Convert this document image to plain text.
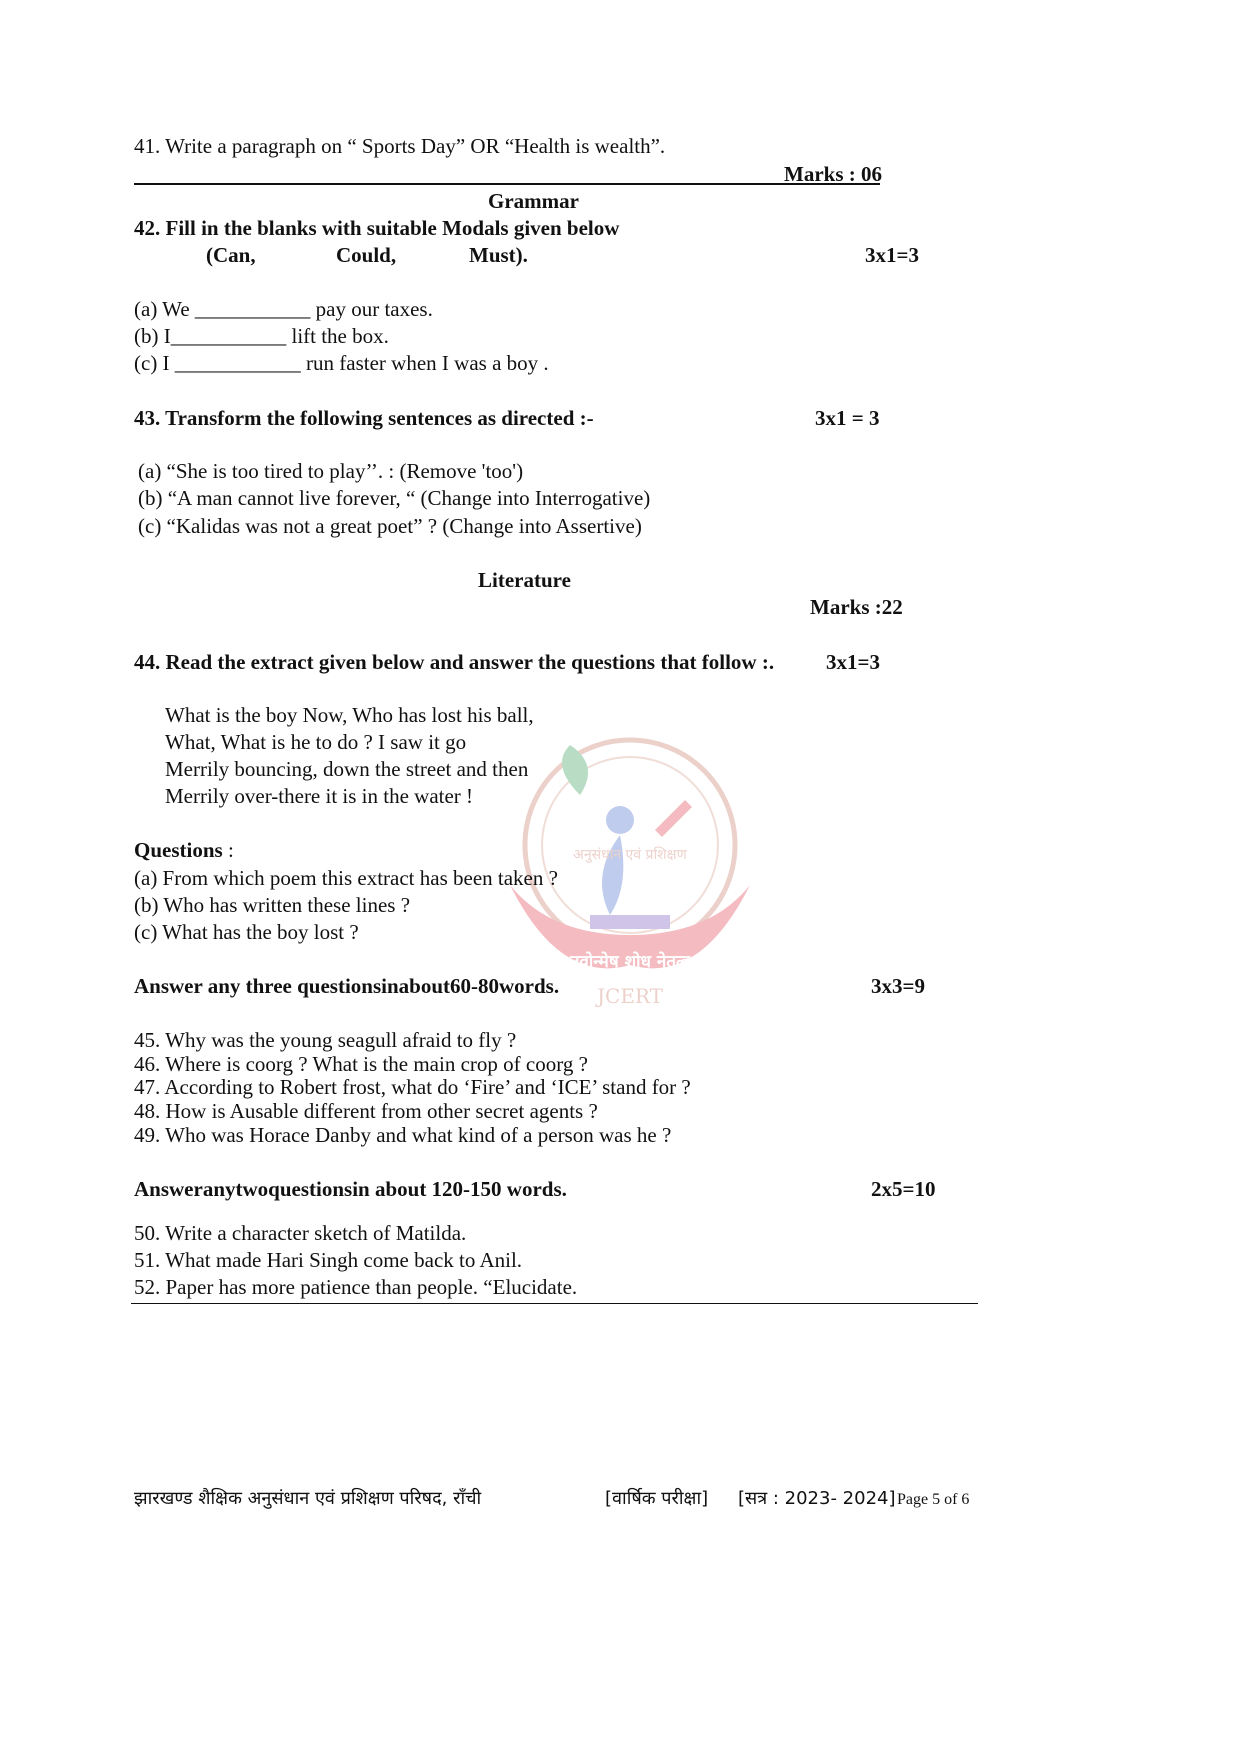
41. Write a paragraph on “ Sports Day” OR “Health is wealth”.
Marks : 06
Grammar
42. Fill in the blanks with suitable Modals given below
(Can,	Could,	Must).	3x1=3
(a) We ___________ pay our taxes.
(b) I___________ lift the box.
(c) I ____________ run faster when I was a boy .
43. Transform the following sentences as directed :-	3x1 = 3
(a) “She is too tired to play’’. : (Remove 'too')
(b) “A man cannot live forever, “ (Change into Interrogative)
(c) “Kalidas was not a great poet” ? (Change into Assertive)
Literature
Marks :22
अनुसंधान एवं प्रशिक्षण
नवोन्मेष शोध नेतृत्व
JCERT
44. Read the extract given below and answer the questions that follow :. 3x1=3
What is the boy Now, Who has lost his ball,
What, What is he to do ? I saw it go
Merrily bouncing, down the street and then
Merrily over-there it is in the water !
Questions :
(a) From which poem this extract has been taken ?
(b) Who has written these lines ?
(c) What has the boy lost ?
Answer any three questionsinabout60-80words.	3x3=9
45. Why was the young seagull afraid to fly ?
46. Where is coorg ? What is the main crop of coorg ?
47. According to Robert frost, what do ‘Fire’ and ‘ICE’ stand for ?
48. How is Ausable different from other secret agents ?
49. Who was Horace Danby and what kind of a person was he ?
Answeranytwoquestionsin about 120-150 words.	2x5=10
50. Write a character sketch of Matilda.
51. What made Hari Singh come back to Anil.
52. Paper has more patience than people. “Elucidate.
झारखण्ड शैक्षिक अनुसंधान एवं प्रशिक्षण परिषद, राँची	[वार्षिक परीक्षा] [सत्र : 2023- 2024] Page 5 of 6
